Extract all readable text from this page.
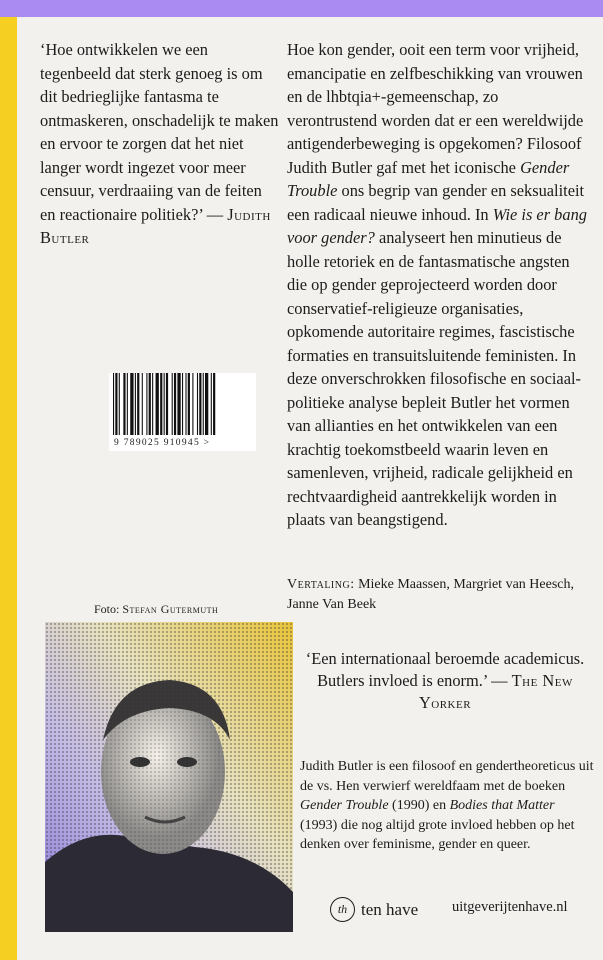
‘Hoe ontwikkelen we een tegenbeeld dat sterk genoeg is om dit bedrieglijke fantasma te ontmaskeren, onschadelijk te maken en ervoor te zorgen dat het niet langer wordt ingezet voor meer censuur, verdraaiing van de feiten en reactionaire politiek?’ — Judith Butler
Hoe kon gender, ooit een term voor vrijheid, emancipatie en zelfbeschikking van vrouwen en de lhbtqia+-gemeenschap, zo verontrustend worden dat er een wereldwijde antigenderbeweging is opgekomen? Filosoof Judith Butler gaf met het iconische Gender Trouble ons begrip van gender en seksualiteit een radicaal nieuwe inhoud. In Wie is er bang voor gender? analyseert hen minutieus de holle retoriek en de fantasmatische angsten die op gender geprojecteerd worden door conservatief-religieuze organisaties, opkomende autoritaire regimes, fascistische formaties en transuitsluitende feministen. In deze onverschrokken filosofische en sociaal-politieke analyse bepleit Butler het vormen van allianties en het ontwikkelen van een krachtig toekomstbeeld waarin leven en samenleven, vrijheid, radicale gelijkheid en rechtvaardigheid aantrekkelijk worden in plaats van beangstigend.
9 789025 910945 >
Vertaling: Mieke Maassen, Margriet van Heesch, Janne Van Beek
Foto: Stefan Gutermuth
‘Een internationaal beroemde academicus. Butlers invloed is enorm.’ — The New Yorker
Judith Butler is een filosoof en gendertheoreticus uit de vs. Hen verwierf wereldfaam met de boeken Gender Trouble (1990) en Bodies that Matter (1993) die nog altijd grote invloed hebben op het denken over feminisme, gender en queer.
th ten have uitgeverijtenhave.nl
